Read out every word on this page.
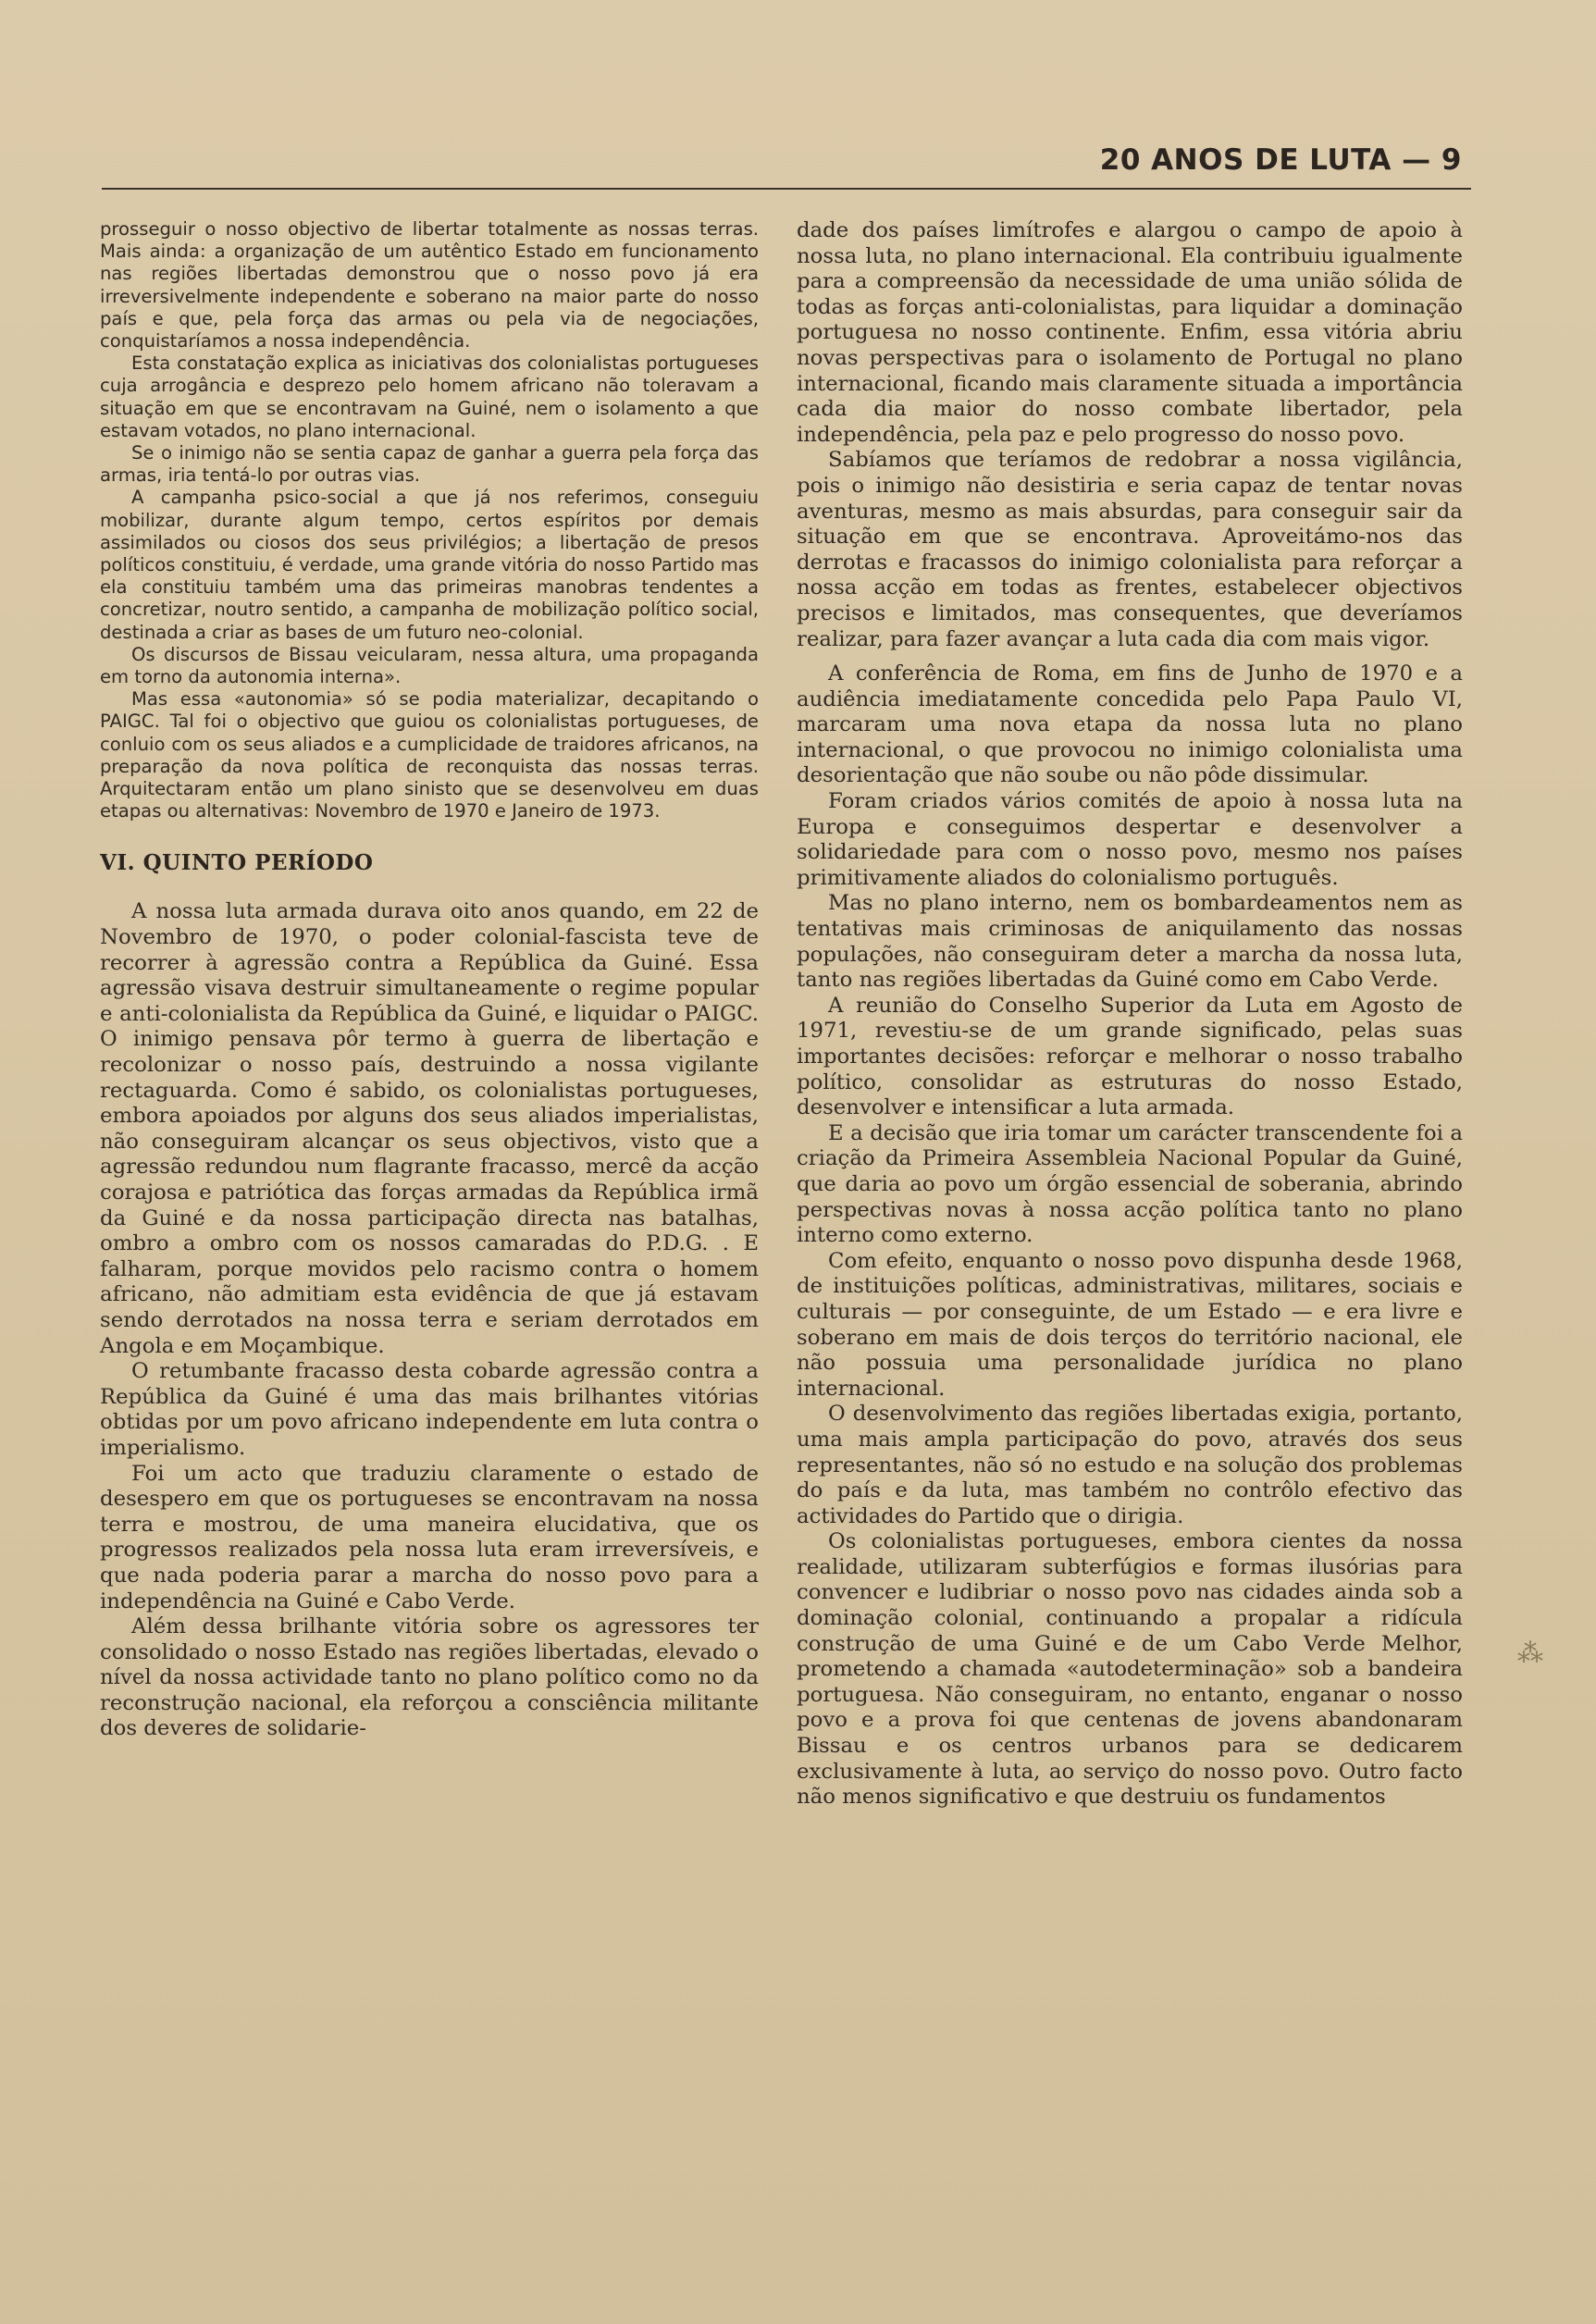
20 ANOS DE LUTA — 9

prosseguir o nosso objectivo de libertar totalmente as nossas terras. Mais ainda: a organização de um autêntico Estado em funcionamento nas regiões libertadas demonstrou que o nosso povo já era irreversivelmente independente e soberano na maior parte do nosso país e que, pela força das armas ou pela via de negociações, conquistaríamos a nossa independência.

Esta constatação explica as iniciativas dos colonialistas portugueses cuja arrogância e desprezo pelo homem africano não toleravam a situação em que se encontravam na Guiné, nem o isolamento a que estavam votados, no plano internacional.

Se o inimigo não se sentia capaz de ganhar a guerra pela força das armas, iria tentá-lo por outras vias.

A campanha psico-social a que já nos referimos, conseguiu mobilizar, durante algum tempo, certos espíritos por demais assimilados ou ciosos dos seus privilégios; a libertação de presos políticos constituiu, é verdade, uma grande vitória do nosso Partido mas ela constituiu também uma das primeiras manobras tendentes a concretizar, noutro sentido, a campanha de mobilização político social, destinada a criar as bases de um futuro neo-colonial.

Os discursos de Bissau veicularam, nessa altura, uma propaganda em torno da autonomia interna».

Mas essa «autonomia» só se podia materializar, decapitando o PAIGC. Tal foi o objectivo que guiou os colonialistas portugueses, de conluio com os seus aliados e a cumplicidade de traidores africanos, na preparação da nova política de reconquista das nossas terras. Arquitectaram então um plano sinisto que se desenvolveu em duas etapas ou alternativas: Novembro de 1970 e Janeiro de 1973.

VI. QUINTO PERÍODO

A nossa luta armada durava oito anos quando, em 22 de Novembro de 1970, o poder colonial-fascista teve de recorrer à agressão contra a República da Guiné. Essa agressão visava destruir simultaneamente o regime popular e anti-colonialista da República da Guiné, e liquidar o PAIGC. O inimigo pensava pôr termo à guerra de libertação e recolonizar o nosso país, destruindo a nossa vigilante rectaguarda. Como é sabido, os colonialistas portugueses, embora apoiados por alguns dos seus aliados imperialistas, não conseguiram alcançar os seus objectivos, visto que a agressão redundou num flagrante fracasso, mercê da acção corajosa e patriótica das forças armadas da República irmã da Guiné e da nossa participação directa nas batalhas, ombro a ombro com os nossos camaradas do P.D.G. . E falharam, porque movidos pelo racismo contra o homem africano, não admitiam esta evidência de que já estavam sendo derrotados na nossa terra e seriam derrotados em Angola e em Moçambique.

O retumbante fracasso desta cobarde agressão contra a República da Guiné é uma das mais brilhantes vitórias obtidas por um povo africano independente em luta contra o imperialismo.

Foi um acto que traduziu claramente o estado de desespero em que os portugueses se encontravam na nossa terra e mostrou, de uma maneira elucidativa, que os progressos realizados pela nossa luta eram irreversíveis, e que nada poderia parar a marcha do nosso povo para a independência na Guiné e Cabo Verde.

Além dessa brilhante vitória sobre os agressores ter consolidado o nosso Estado nas regiões libertadas, elevado o nível da nossa actividade tanto no plano político como no da reconstrução nacional, ela reforçou a consciência militante dos deveres de solidarie-

dade dos países limítrofes e alargou o campo de apoio à nossa luta, no plano internacional. Ela contribuiu igualmente para a compreensão da necessidade de uma união sólida de todas as forças anti-colonialistas, para liquidar a dominação portuguesa no nosso continente. Enfim, essa vitória abriu novas perspectivas para o isolamento de Portugal no plano internacional, ficando mais claramente situada a importância cada dia maior do nosso combate libertador, pela independência, pela paz e pelo progresso do nosso povo.

Sabíamos que teríamos de redobrar a nossa vigilância, pois o inimigo não desistiria e seria capaz de tentar novas aventuras, mesmo as mais absurdas, para conseguir sair da situação em que se encontrava. Aproveitámo-nos das derrotas e fracassos do inimigo colonialista para reforçar a nossa acção em todas as frentes, estabelecer objectivos precisos e limitados, mas consequentes, que deveríamos realizar, para fazer avançar a luta cada dia com mais vigor.

A conferência de Roma, em fins de Junho de 1970 e a audiência imediatamente concedida pelo Papa Paulo VI, marcaram uma nova etapa da nossa luta no plano internacional, o que provocou no inimigo colonialista uma desorientação que não soube ou não pôde dissimular.

Foram criados vários comités de apoio à nossa luta na Europa e conseguimos despertar e desenvolver a solidariedade para com o nosso povo, mesmo nos países primitivamente aliados do colonialismo português.

Mas no plano interno, nem os bombardeamentos nem as tentativas mais criminosas de aniquilamento das nossas populações, não conseguiram deter a marcha da nossa luta, tanto nas regiões libertadas da Guiné como em Cabo Verde.

A reunião do Conselho Superior da Luta em Agosto de 1971, revestiu-se de um grande significado, pelas suas importantes decisões: reforçar e melhorar o nosso trabalho político, consolidar as estruturas do nosso Estado, desenvolver e intensificar a luta armada.

E a decisão que iria tomar um carácter transcendente foi a criação da Primeira Assembleia Nacional Popular da Guiné, que daria ao povo um órgão essencial de soberania, abrindo perspectivas novas à nossa acção política tanto no plano interno como externo.

Com efeito, enquanto o nosso povo dispunha desde 1968, de instituições políticas, administrativas, militares, sociais e culturais — por conseguinte, de um Estado — e era livre e soberano em mais de dois terços do território nacional, ele não possuia uma personalidade jurídica no plano internacional.

O desenvolvimento das regiões libertadas exigia, portanto, uma mais ampla participação do povo, através dos seus representantes, não só no estudo e na solução dos problemas do país e da luta, mas também no contrôlo efectivo das actividades do Partido que o dirigia.

Os colonialistas portugueses, embora cientes da nossa realidade, utilizaram subterfúgios e formas ilusórias para convencer e ludibriar o nosso povo nas cidades ainda sob a dominação colonial, continuando a propalar a ridícula construção de uma Guiné e de um Cabo Verde Melhor, prometendo a chamada «autodeterminação» sob a bandeira portuguesa. Não conseguiram, no entanto, enganar o nosso povo e a prova foi que centenas de jovens abandonaram Bissau e os centros urbanos para se dedicarem exclusivamente à luta, ao serviço do nosso povo. Outro facto não menos significativo e que destruiu os fundamentos

⁂
